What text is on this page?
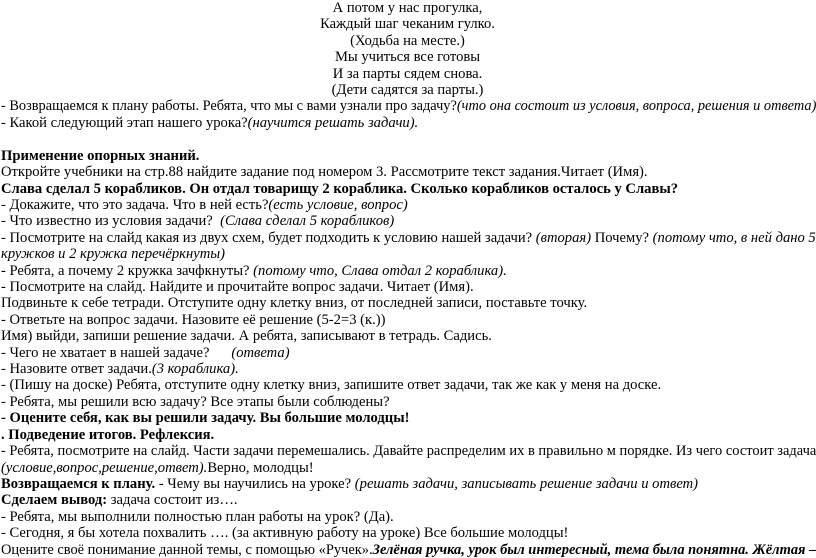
А потом у нас прогулка,
Каждый шаг чеканим гулко.
(Ходьба на месте.)
Мы учиться все готовы
И за парты сядем снова.
(Дети садятся за парты.)
- Возвращаемся к плану работы. Ребята, что мы с вами узнали про задачу?(что она состоит из условия, вопроса, решения и ответа)
- Какой следующий этап нашего урока?(научится решать задачи).
Применение опорных знаний.
Откройте учебники на стр.88 найдите задание под номером 3. Рассмотрите текст задания.Читает (Имя).
Слава сделал 5 корабликов. Он отдал товарищу 2 кораблика. Сколько корабликов осталось у Славы?
- Докажите, что это задача. Что в ней есть?(есть условие, вопрос)
- Что известно из условия задачи? (Слава сделал 5 корабликов)
- Посмотрите на слайд какая из двух схем, будет подходить к условию нашей задачи? (вторая) Почему? (потому что, в ней дано 5
кружков и 2 кружка перечёркнуты)
- Ребята, а почему 2 кружка зачфкнуты? (потому что, Слава отдал 2 кораблика).
- Посмотрите на слайд. Найдите и прочитайте вопрос задачи. Читает (Имя).
Подвиньте к себе тетради. Отступите одну клетку вниз, от последней записи, поставьте точку.
- Ответьте на вопрос задачи. Назовите её решение (5-2=3 (к.))
Имя) выйди, запиши решение задачи. А ребята, записывают в тетрадь. Садись.
- Чего не хватает в нашей задаче? (ответа)
- Назовите ответ задачи.(3 кораблика).
- (Пишу на доске) Ребята, отступите одну клетку вниз, запишите ответ задачи, так же как у меня на доске.
- Ребята, мы решили всю задачу? Все этапы были соблюдены?
- Оцените себя, как вы решили задачу. Вы большие молодцы!
. Подведение итогов. Рефлексия.
- Ребята, посмотрите на слайд. Части задачи перемешались. Давайте распределим их в правильно м порядке. Из чего состоит задача
(условие,вопрос,решение,ответ).Верно, молодцы!
Возвращаемся к плану. - Чему вы научились на уроке? (решать задачи, записывать решение задачи и ответ)
Сделаем вывод: задача состоит из….
- Ребята, мы выполнили полностью план работы на урок? (Да).
- Сегодня, я бы хотела похвалить …. (за активную работу на уроке) Все большие молодцы!
Оцените своё понимание данной темы, с помощью «Ручек».Зелёная ручка, урок был интересный, тема была понятна. Жёлтая –
